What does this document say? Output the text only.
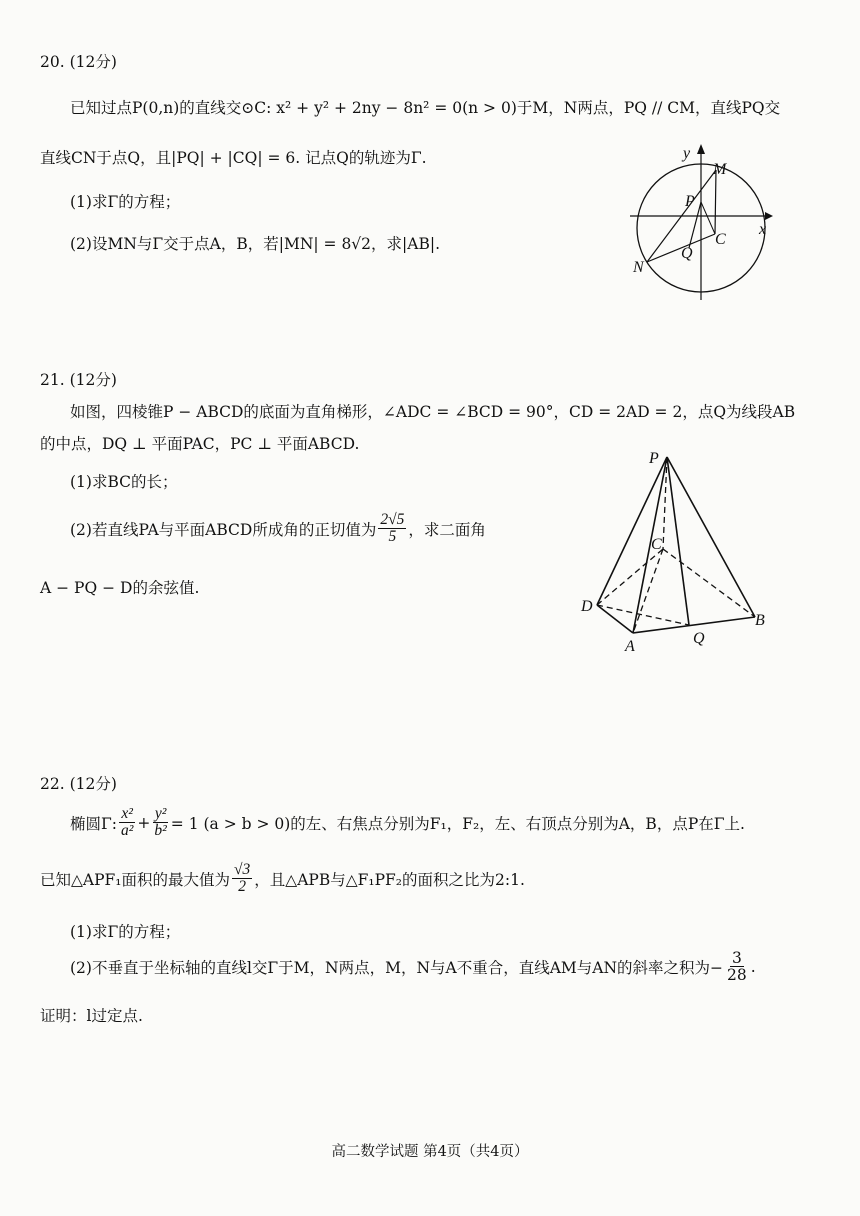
20. (12分)
已知过点P(0,n)的直线交⊙C: x² + y² + 2ny − 8n² = 0(n > 0)于M，N两点，PQ // CM，直线PQ交
直线CN于点Q，且|PQ| + |CQ| = 6. 记点Q的轨迹为Γ.
(1)求Γ的方程；
(2)设MN与Γ交于点A，B，若|MN| = 8√2，求|AB|.
y
x
M
P
C
Q
N
21. (12分)
如图，四棱锥P − ABCD的底面为直角梯形，∠ADC = ∠BCD = 90°，CD = 2AD = 2，点Q为线段AB
的中点，DQ ⊥ 平面PAC，PC ⊥ 平面ABCD.
(1)求BC的长；
(2)若直线PA与平面ABCD所成角的正切值为 $\frac{2√5}{5}$ ，求二面角
A − PQ − D的余弦值.
P
C
D
B
A	Q
22. (12分)
椭圆Γ: $\frac{\text{x²}}{\text{a²}} + \frac{\text{y²}}{\text{b²}} = 1$ (a > b > 0)的左、右焦点分别为F₁，F₂，左、右顶点分别为A，B，点P在Γ上.
已知△APF₁面积的最大值为 $\frac{√3}{2}$ ，且△APB与△F₁PF₂的面积之比为2:1.
(1)求Γ的方程；
(2)不垂直于坐标轴的直线l交Γ于M，N两点，M，N与A不重合，直线AM与AN的斜率之积为− $\frac{3}{28}$ .
证明：l过定点.
高二数学试题 第4页（共4页）
